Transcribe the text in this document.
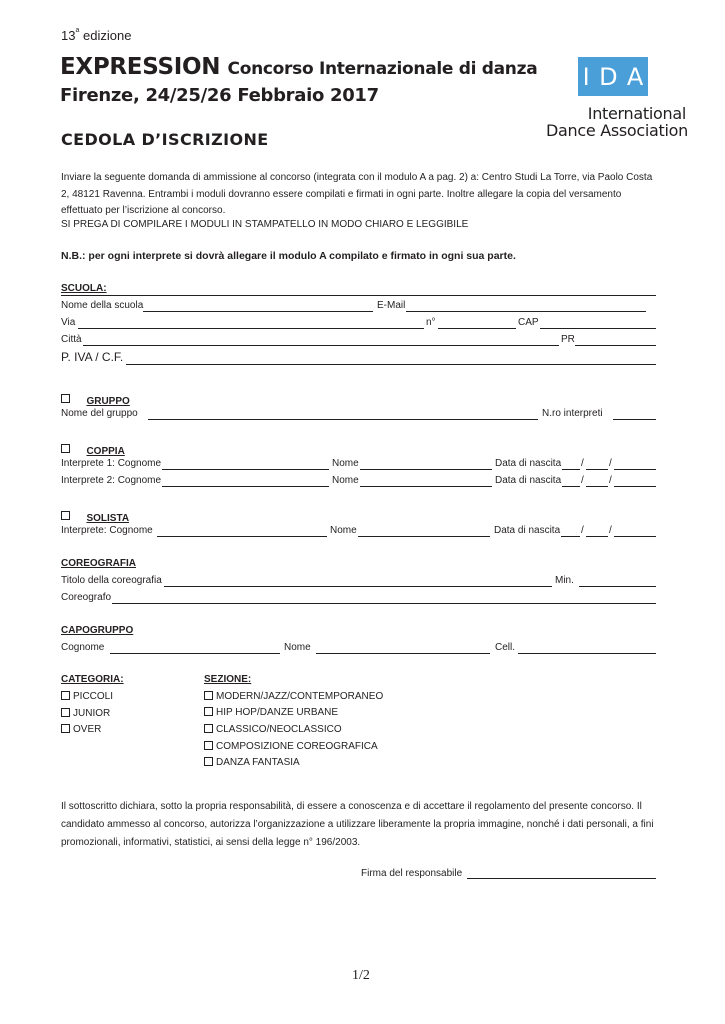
13$^a$ edizione
EXPRESSION Concorso Internazionale di danza
Firenze, 24/25/26 Febbraio 2017
I D A
International
Dance Association
CEDOLA D’ISCRIZIONE
Inviare la seguente domanda di ammissione al concorso (integrata con il modulo A a pag. 2) a: Centro Studi La Torre, via Paolo Costa 2, 48121 Ravenna. Entrambi i moduli dovranno essere compilati e firmati in ogni parte. Inoltre allegare la copia del versamento effettuato per l’iscrizione al concorso.
SI PREGA DI COMPILARE I MODULI IN STAMPATELLO IN MODO CHIARO E LEGGIBILE
N.B.: per ogni interprete si dovrà allegare il modulo A compilato e firmato in ogni sua parte.
SCUOLA:
Nome della scuola	E-Mail
Via	n°	CAP
Città	PR
P. IVA / C.F.
GRUPPO
Nome del gruppo	N.ro interpreti
COPPIA
Interprete 1: Cognome	Nome	Data di nascita /	/
Interprete 2: Cognome	Nome	Data di nascita /	/
SOLISTA
Interprete: Cognome	Nome	Data di nascita /	/
COREOGRAFIA
Titolo della coreografia	Min.
Coreografo
CAPOGRUPPO
Cognome	Nome	Cell.
CATEGORIA:
PICCOLI
JUNIOR
OVER
SEZIONE:
MODERN/JAZZ/CONTEMPORANEO
HIP HOP/DANZE URBANE
CLASSICO/NEOCLASSICO
COMPOSIZIONE COREOGRAFICA
DANZA FANTASIA
Il sottoscritto dichiara, sotto la propria responsabilità, di essere a conoscenza e di accettare il regolamento del presente concorso. Il candidato ammesso al concorso, autorizza l’organizzazione a utilizzare liberamente la propria immagine, nonché i dati personali, a fini promozionali, informativi, statistici, ai sensi della legge n° 196/2003.
Firma del responsabile
1/2
